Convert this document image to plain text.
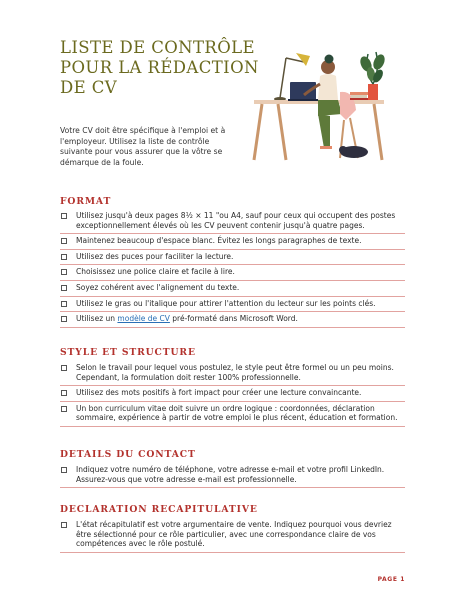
LISTE DE CONTRÔLE POUR LA RÉDACTION DE CV
Votre CV doit être spécifique à l'emploi et à l'employeur. Utilisez la liste de contrôle suivante pour vous assurer que la vôtre se démarque de la foule.
FORMAT
Utilisez jusqu'à deux pages 8½ × 11 "ou A4, sauf pour ceux qui occupent des postes exceptionnellement élevés où les CV peuvent contenir jusqu'à quatre pages.
Maintenez beaucoup d'espace blanc. Évitez les longs paragraphes de texte.
Utilisez des puces pour faciliter la lecture.
Choisissez une police claire et facile à lire.
Soyez cohérent avec l'alignement du texte.
Utilisez le gras ou l'italique pour attirer l'attention du lecteur sur les points clés.
Utilisez un modèle de CV pré-formaté dans Microsoft Word.
STYLE ET STRUCTURE
Selon le travail pour lequel vous postulez, le style peut être formel ou un peu moins. Cependant, la formulation doit rester 100% professionnelle.
Utilisez des mots positifs à fort impact pour créer une lecture convaincante.
Un bon curriculum vitae doit suivre un ordre logique : coordonnées, déclaration sommaire, expérience à partir de votre emploi le plus récent, éducation et formation.
DETAILS DU CONTACT
Indiquez votre numéro de téléphone, votre adresse e-mail et votre profil LinkedIn. Assurez-vous que votre adresse e-mail est professionnelle.
DECLARATION RECAPITULATIVE
L'état récapitulatif est votre argumentaire de vente. Indiquez pourquoi vous devriez être sélectionné pour ce rôle particulier, avec une correspondance claire de vos compétences avec le rôle postulé.
PAGE 1
